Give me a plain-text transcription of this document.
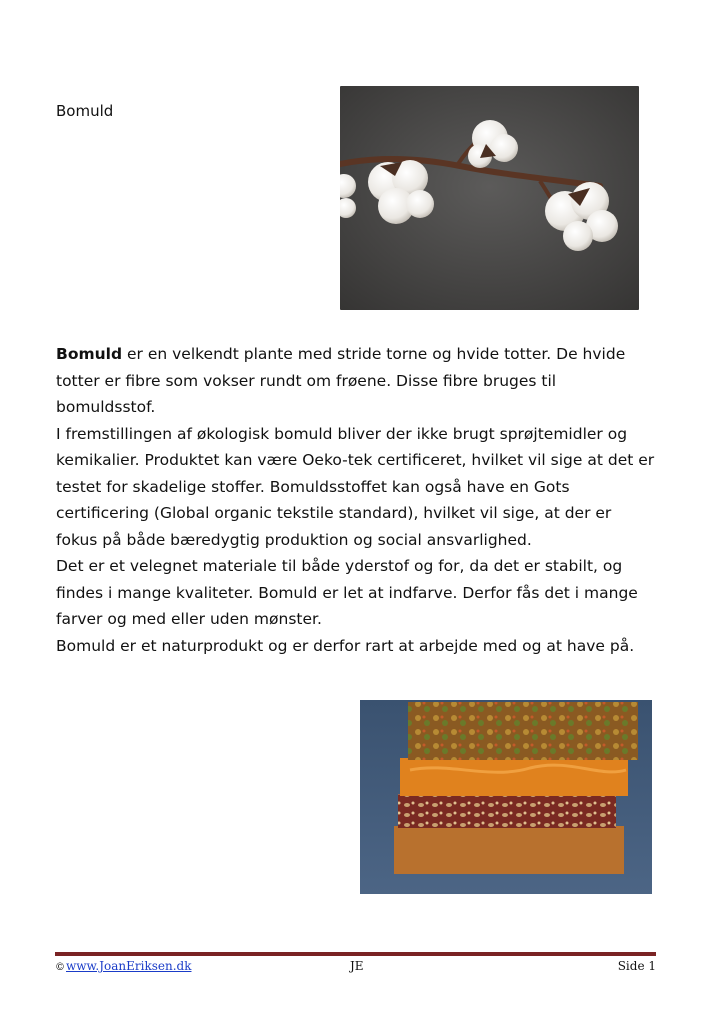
Bomuld

Bomuld er en velkendt plante med stride torne og hvide totter. De hvide totter er fibre som vokser rundt om frøene. Disse fibre bruges til bomuldsstof.

I fremstillingen af økologisk bomuld bliver der ikke brugt sprøjtemidler og kemikalier. Produktet kan være Oeko-tek certificeret, hvilket vil sige at det er testet for skadelige stoffer. Bomuldsstoffet kan også have en Gots certificering (Global organic tekstile standard), hvilket vil sige, at der er fokus på både bæredygtig produktion og social ansvarlighed.

Det er et velegnet materiale til både yderstof og for, da det er stabilt, og findes i mange kvaliteter. Bomuld er let at indfarve. Derfor fås det i mange farver og med eller uden mønster.

Bomuld er et naturprodukt og er derfor rart at arbejde med og at have på.

©www.JoanEriksen.dk	JE	Side 1
